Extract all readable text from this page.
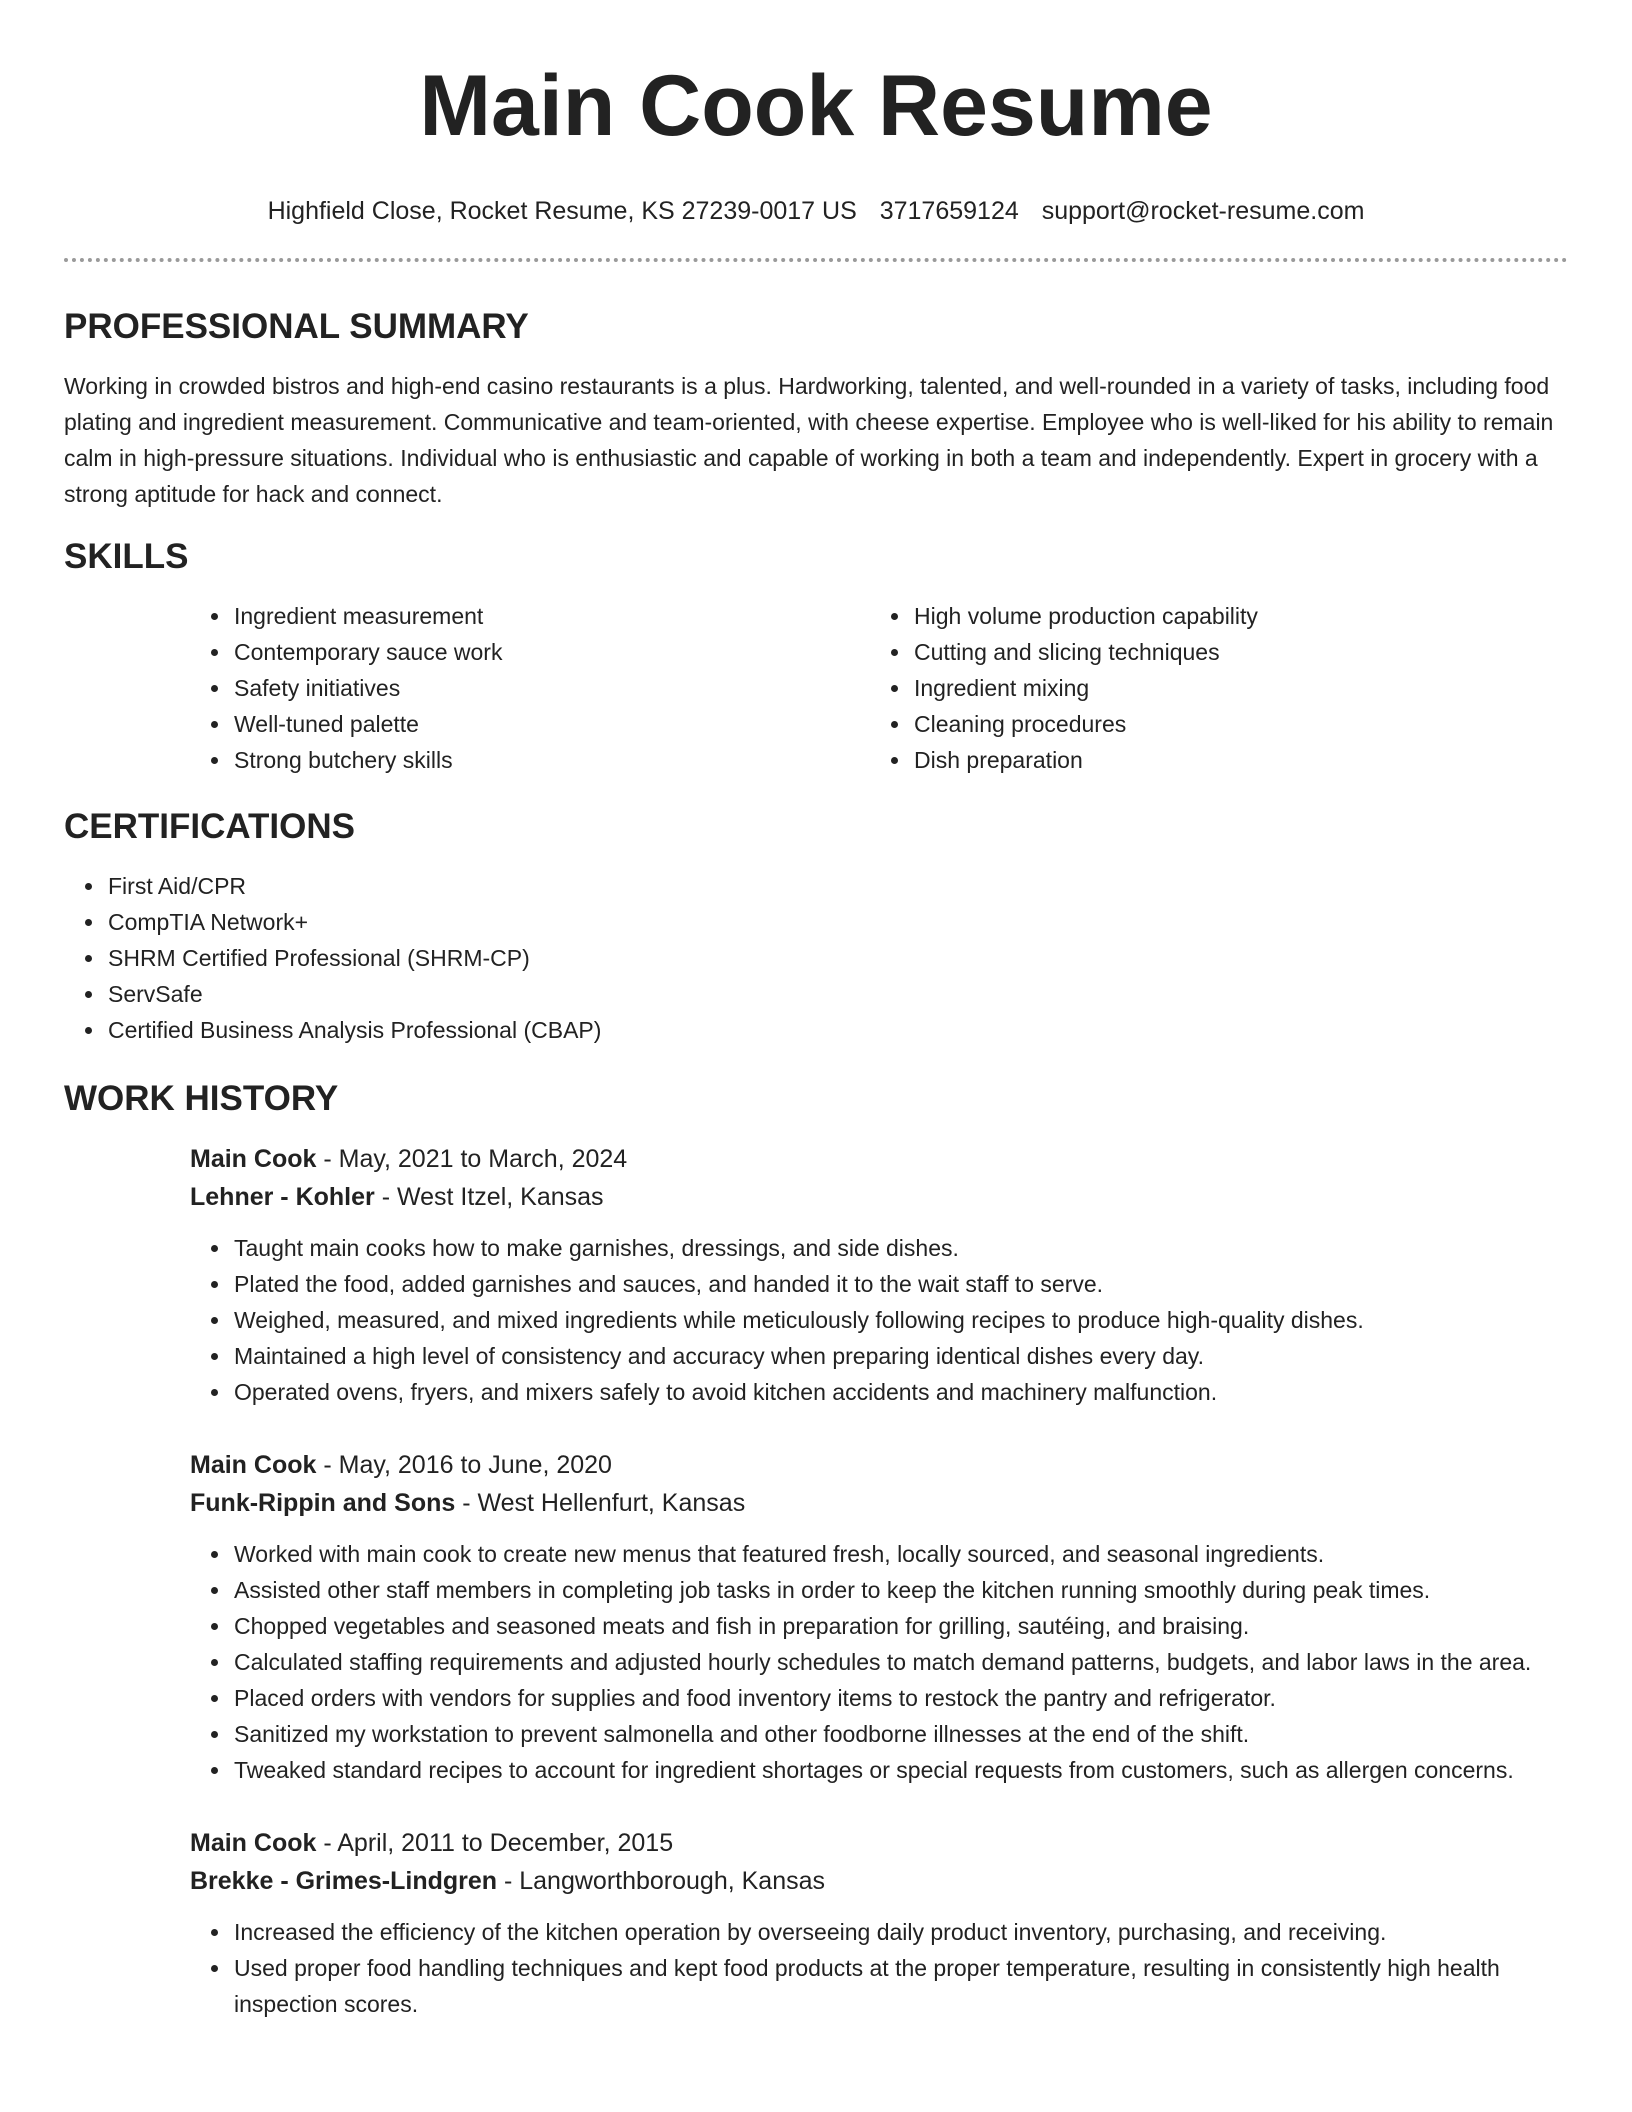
Main Cook Resume
Highfield Close, Rocket Resume, KS 27239-0017 US 3717659124 support@rocket-resume.com
PROFESSIONAL SUMMARY

Working in crowded bistros and high-end casino restaurants is a plus. Hardworking, talented, and well-rounded in a variety of tasks, including food plating and ingredient measurement. Communicative and team-oriented, with cheese expertise. Employee who is well-liked for his ability to remain calm in high-pressure situations. Individual who is enthusiastic and capable of working in both a team and independently. Expert in grocery with a strong aptitude for hack and connect.

SKILLS
• Ingredient measurement
• Contemporary sauce work
• Safety initiatives
• Well-tuned palette
• Strong butchery skills
• High volume production capability
• Cutting and slicing techniques
• Ingredient mixing
• Cleaning procedures
• Dish preparation
CERTIFICATIONS
• First Aid/CPR
• CompTIA Network+
• SHRM Certified Professional (SHRM-CP)
• ServSafe
• Certified Business Analysis Professional (CBAP)
WORK HISTORY
Main Cook - May, 2021 to March, 2024
Lehner - Kohler - West Itzel, Kansas
• Taught main cooks how to make garnishes, dressings, and side dishes.
• Plated the food, added garnishes and sauces, and handed it to the wait staff to serve.
• Weighed, measured, and mixed ingredients while meticulously following recipes to produce high-quality dishes.
• Maintained a high level of consistency and accuracy when preparing identical dishes every day.
• Operated ovens, fryers, and mixers safely to avoid kitchen accidents and machinery malfunction.
Main Cook - May, 2016 to June, 2020
Funk-Rippin and Sons - West Hellenfurt, Kansas
• Worked with main cook to create new menus that featured fresh, locally sourced, and seasonal ingredients.
• Assisted other staff members in completing job tasks in order to keep the kitchen running smoothly during peak times.
• Chopped vegetables and seasoned meats and fish in preparation for grilling, sautéing, and braising.
• Calculated staffing requirements and adjusted hourly schedules to match demand patterns, budgets, and labor laws in the area.
• Placed orders with vendors for supplies and food inventory items to restock the pantry and refrigerator.
• Sanitized my workstation to prevent salmonella and other foodborne illnesses at the end of the shift.
• Tweaked standard recipes to account for ingredient shortages or special requests from customers, such as allergen concerns.
Main Cook - April, 2011 to December, 2015
Brekke - Grimes-Lindgren - Langworthborough, Kansas
• Increased the efficiency of the kitchen operation by overseeing daily product inventory, purchasing, and receiving.
• Used proper food handling techniques and kept food products at the proper temperature, resulting in consistently high health inspection scores.
